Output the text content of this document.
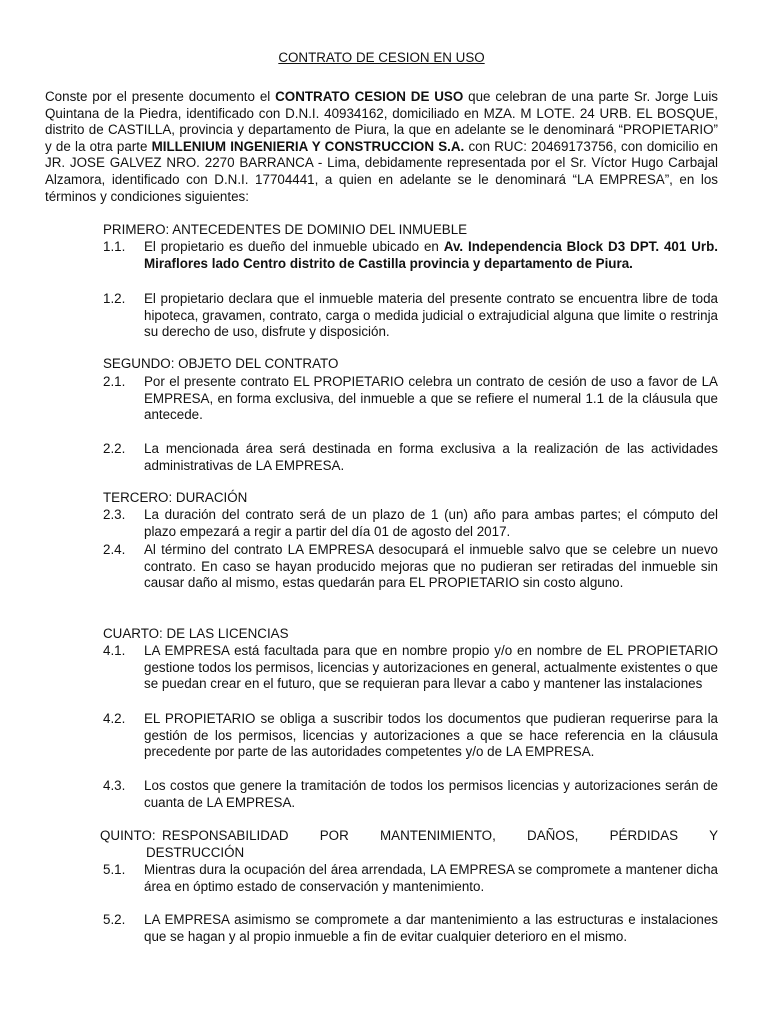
CONTRATO DE CESION EN USO

Conste por el presente documento el CONTRATO CESION DE USO que celebran de una parte Sr. Jorge Luis Quintana de la Piedra, identificado con D.N.I. 40934162, domiciliado en MZA. M LOTE. 24 URB. EL BOSQUE, distrito de CASTILLA, provincia y departamento de Piura, la que en adelante se le denominará “PROPIETARIO” y de la otra parte MILLENIUM INGENIERIA Y CONSTRUCCION S.A. con RUC: 20469173756, con domicilio en JR. JOSE GALVEZ NRO. 2270 BARRANCA - Lima, debidamente representada por el Sr. Víctor Hugo Carbajal Alzamora, identificado con D.N.I. 17704441, a quien en adelante se le denominará “LA EMPRESA”, en los términos y condiciones siguientes:

PRIMERO: ANTECEDENTES DE DOMINIO DEL INMUEBLE
1.1.	El propietario es dueño del inmueble ubicado en Av. Independencia Block D3 DPT. 401 Urb. Miraflores lado Centro distrito de Castilla provincia y departamento de Piura.
1.2.	El propietario declara que el inmueble materia del presente contrato se encuentra libre de toda hipoteca, gravamen, contrato, carga o medida judicial o extrajudicial alguna que limite o restrinja su derecho de uso, disfrute y disposición.
SEGUNDO: OBJETO DEL CONTRATO
2.1.	Por el presente contrato EL PROPIETARIO celebra un contrato de cesión de uso a favor de LA EMPRESA, en forma exclusiva, del inmueble a que se refiere el numeral 1.1 de la cláusula que antecede.
2.2.	La mencionada área será destinada en forma exclusiva a la realización de las actividades administrativas de LA EMPRESA.
TERCERO: DURACIÓN
2.3.	La duración del contrato será de un plazo de 1 (un) año para ambas partes; el cómputo del plazo empezará a regir a partir del día 01 de agosto del 2017.
2.4.	Al término del contrato LA EMPRESA desocupará el inmueble salvo que se celebre un nuevo contrato. En caso se hayan producido mejoras que no pudieran ser retiradas del inmueble sin causar daño al mismo, estas quedarán para EL PROPIETARIO sin costo alguno.
CUARTO: DE LAS LICENCIAS
4.1.	LA EMPRESA está facultada para que en nombre propio y/o en nombre de EL PROPIETARIO gestione todos los permisos, licencias y autorizaciones en general, actualmente existentes o que se puedan crear en el futuro, que se requieran para llevar a cabo y mantener las instalaciones
4.2.	EL PROPIETARIO se obliga a suscribir todos los documentos que pudieran requerirse para la gestión de los permisos, licencias y autorizaciones a que se hace referencia en la cláusula precedente por parte de las autoridades competentes y/o de LA EMPRESA.
4.3.	Los costos que genere la tramitación de todos los permisos licencias y autorizaciones serán de cuanta de LA EMPRESA.
QUINTO: RESPONSABILIDAD POR MANTENIMIENTO, DAÑOS, PÉRDIDAS Y
DESTRUCCIÓN
5.1.	Mientras dura la ocupación del área arrendada, LA EMPRESA se compromete a mantener dicha área en óptimo estado de conservación y mantenimiento.
5.2.	LA EMPRESA asimismo se compromete a dar mantenimiento a las estructuras e instalaciones que se hagan y al propio inmueble a fin de evitar cualquier deterioro en el mismo.
